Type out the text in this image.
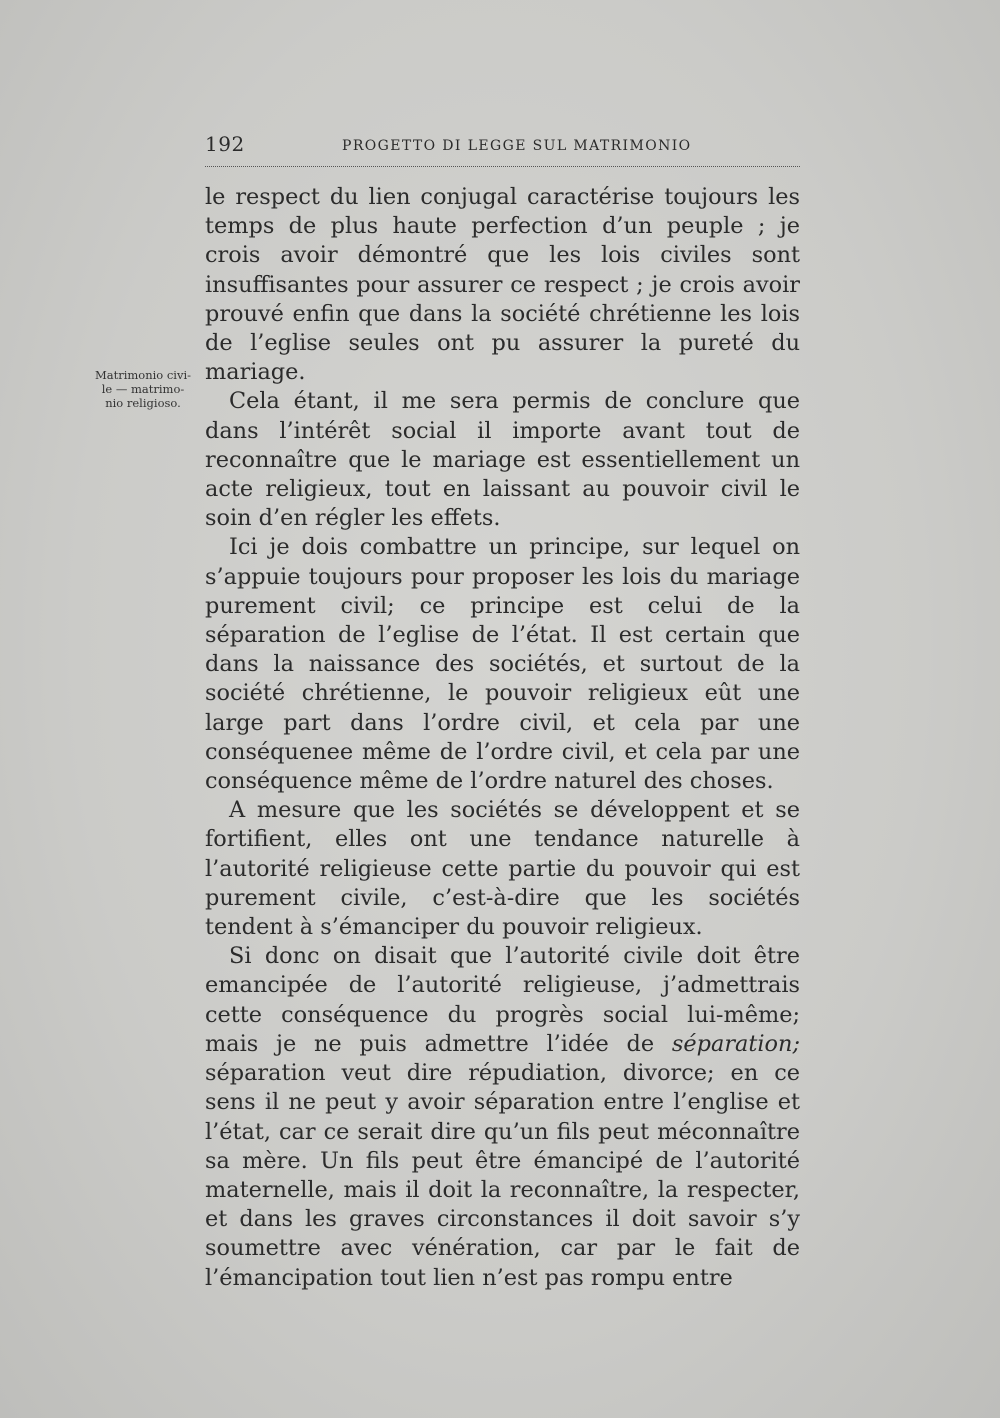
192	PROGETTO DI LEGGE SUL MATRIMONIO
Matrimonio civi-
le — matrimo-
nio religioso.

le respect du lien conjugal caractérise toujours les temps de plus haute perfection d’un peuple ; je crois avoir démontré que les lois civiles sont insuffisantes pour assurer ce respect ; je crois avoir prouvé enfin que dans la société chrétienne les lois de l’eglise seules ont pu assurer la pureté du mariage.

Cela étant, il me sera permis de conclure que dans l’intérêt social il importe avant tout de reconnaître que le mariage est essentiellement un acte religieux, tout en laissant au pouvoir civil le soin d’en régler les effets.

Ici je dois combattre un principe, sur lequel on s’appuie toujours pour proposer les lois du mariage purement civil; ce principe est celui de la séparation de l’eglise de l’état. Il est certain que dans la naissance des sociétés, et surtout de la société chrétienne, le pouvoir religieux eût une large part dans l’ordre civil, et cela par une conséquenee même de l’ordre civil, et cela par une conséquence même de l’ordre naturel des choses.

A mesure que les sociétés se développent et se fortifient, elles ont une tendance naturelle à l’autorité religieuse cette partie du pouvoir qui est purement civile, c’est-à-dire que les sociétés tendent à s’émanciper du pouvoir religieux.

Si donc on disait que l’autorité civile doit être emancipée de l’autorité religieuse, j’admettrais cette conséquence du progrès social lui-même; mais je ne puis admettre l’idée de séparation; séparation veut dire répudiation, divorce; en ce sens il ne peut y avoir séparation entre l’englise et l’état, car ce serait dire qu’un fils peut méconnaître sa mère. Un fils peut être émancipé de l’autorité maternelle, mais il doit la reconnaître, la respecter, et dans les graves circonstances il doit savoir s’y soumettre avec vénération, car par le fait de l’émancipation tout lien n’est pas rompu entre
